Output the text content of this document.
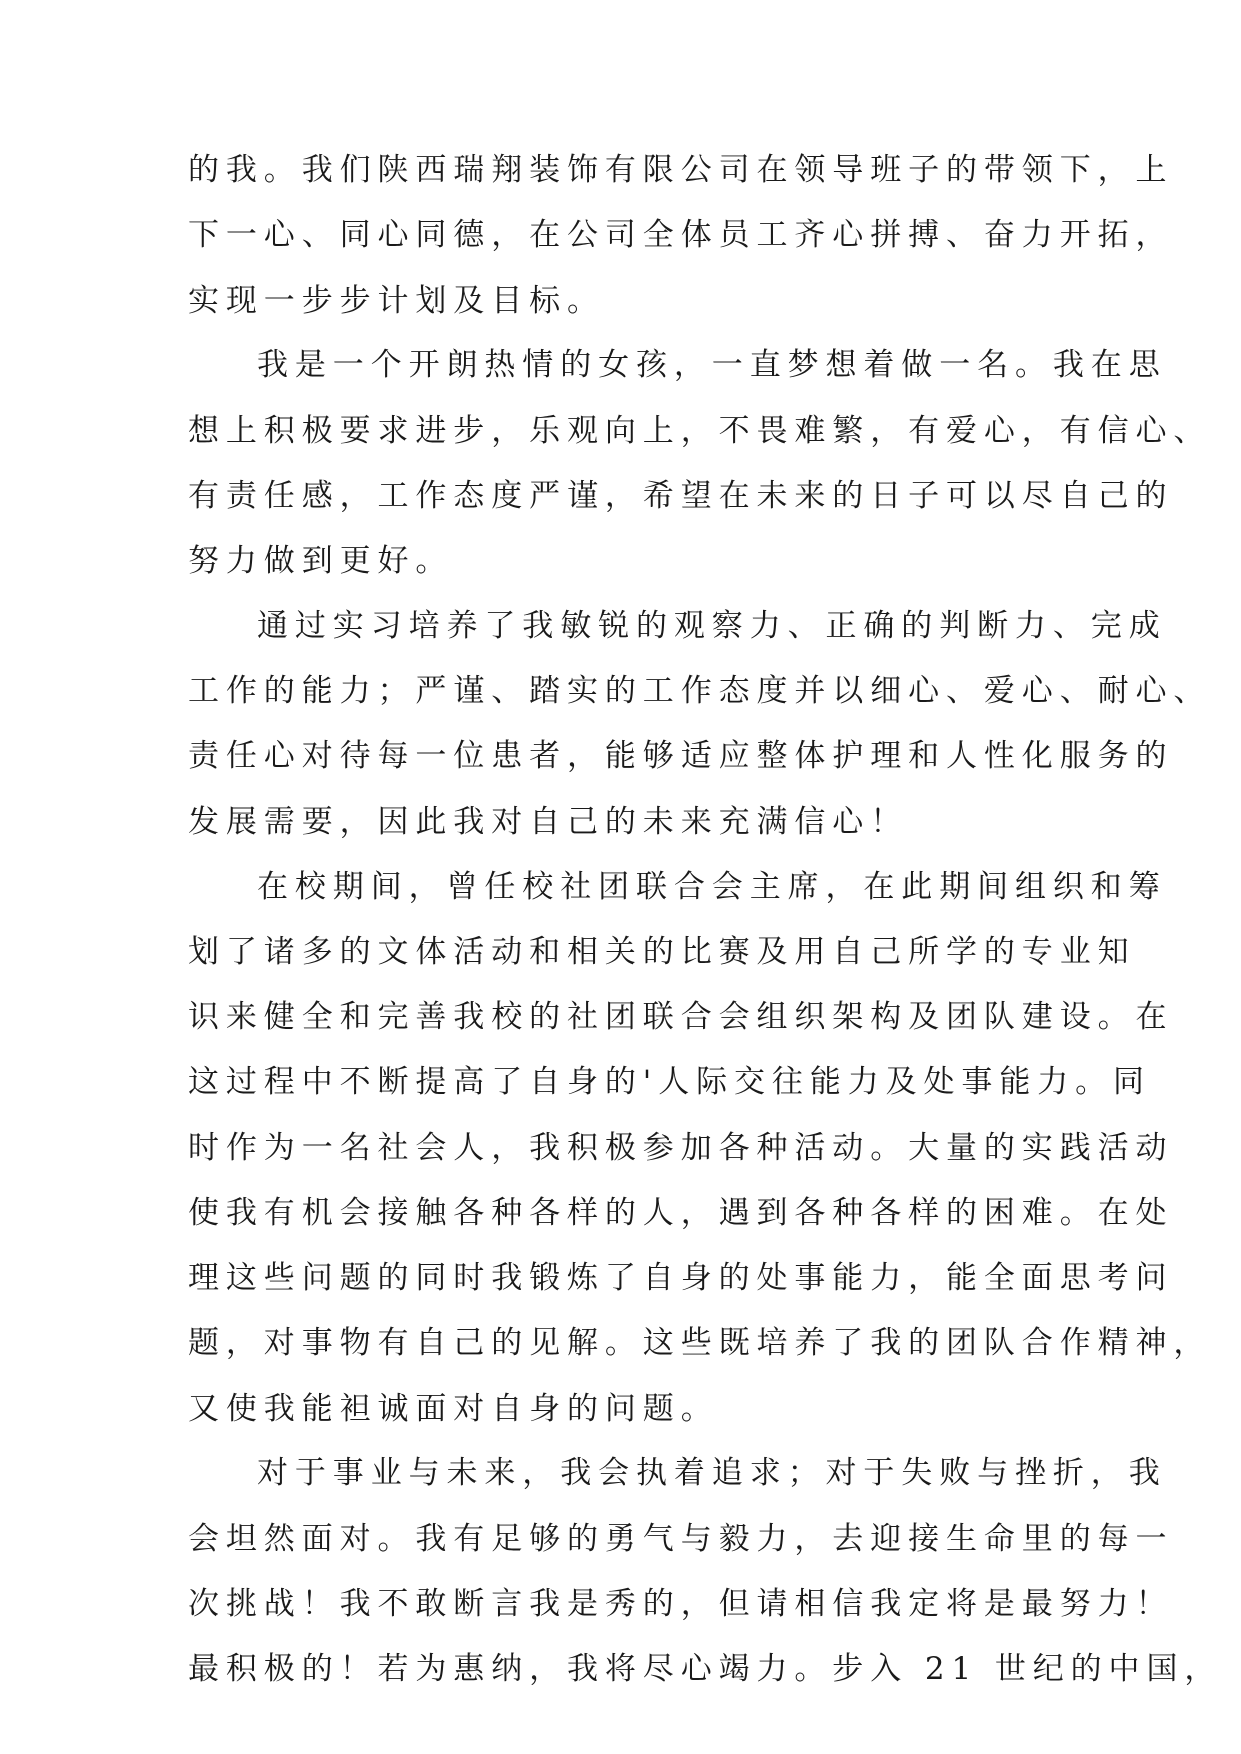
的我。我们陕西瑞翔装饰有限公司在领导班子的带领下，上
下一心、同心同德，在公司全体员工齐心拼搏、奋力开拓，
实现一步步计划及目标。
我是一个开朗热情的女孩，一直梦想着做一名。我在思
想上积极要求进步，乐观向上，不畏难繁，有爱心，有信心、
有责任感，工作态度严谨，希望在未来的日子可以尽自己的
努力做到更好。
通过实习培养了我敏锐的观察力、正确的判断力、完成
工作的能力；严谨、踏实的工作态度并以细心、爱心、耐心、
责任心对待每一位患者，能够适应整体护理和人性化服务的
发展需要，因此我对自己的未来充满信心！
在校期间，曾任校社团联合会主席，在此期间组织和筹
划了诸多的文体活动和相关的比赛及用自己所学的专业知
识来健全和完善我校的社团联合会组织架构及团队建设。在
这过程中不断提高了自身的'人际交往能力及处事能力。同
时作为一名社会人，我积极参加各种活动。大量的实践活动
使我有机会接触各种各样的人，遇到各种各样的困难。在处
理这些问题的同时我锻炼了自身的处事能力，能全面思考问
题，对事物有自己的见解。这些既培养了我的团队合作精神，
又使我能袒诚面对自身的问题。
对于事业与未来，我会执着追求；对于失败与挫折，我
会坦然面对。我有足够的勇气与毅力，去迎接生命里的每一
次挑战！我不敢断言我是秀的，但请相信我定将是最努力！
最积极的！若为惠纳，我将尽心竭力。步入 21 世纪的中国，
